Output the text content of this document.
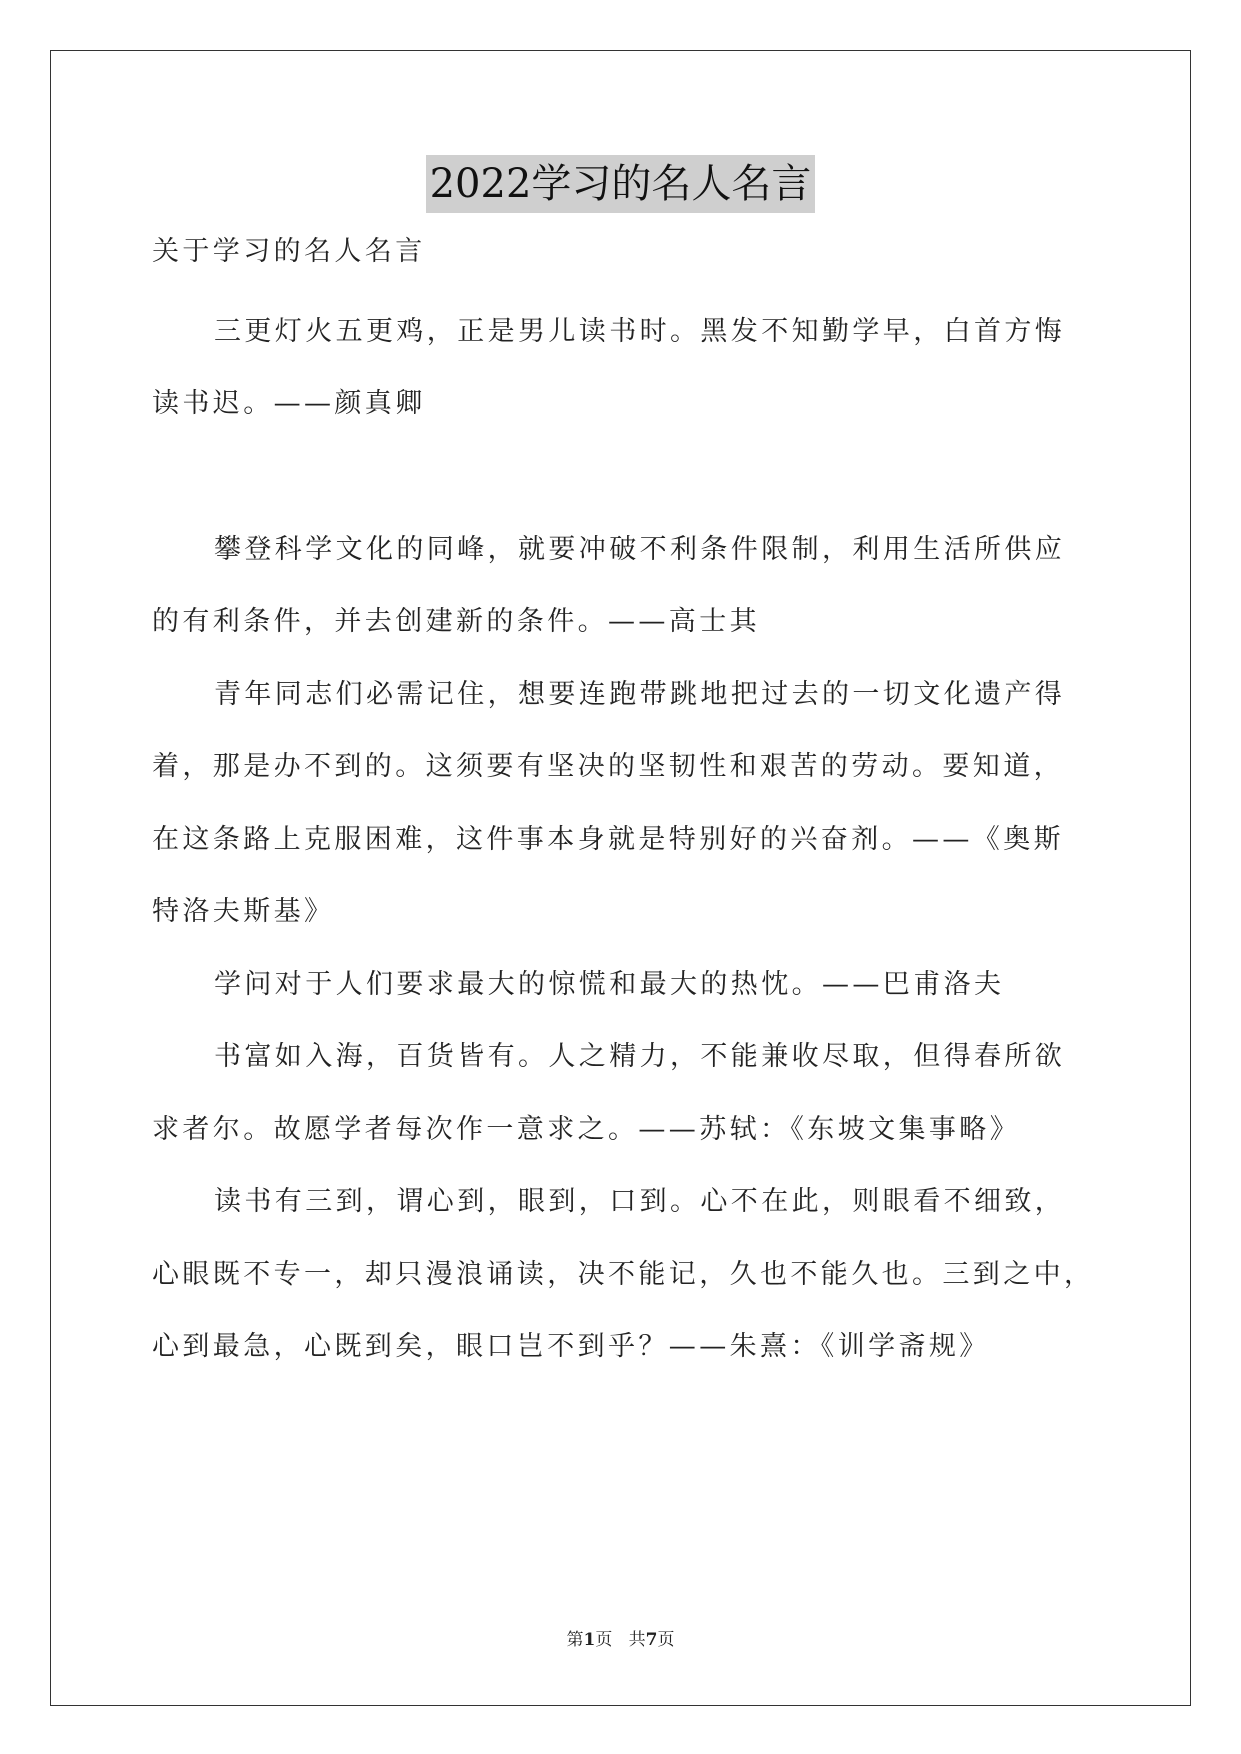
2022学习的名人名言
关于学习的名人名言
三更灯火五更鸡，正是男儿读书时。黑发不知勤学早，白首方悔
读书迟。——颜真卿
攀登科学文化的同峰，就要冲破不利条件限制，利用生活所供应
的有利条件，并去创建新的条件。——高士其
青年同志们必需记住，想要连跑带跳地把过去的一切文化遗产得
着，那是办不到的。这须要有坚决的坚韧性和艰苦的劳动。要知道，
在这条路上克服困难，这件事本身就是特别好的兴奋剂。——《奥斯
特洛夫斯基》
学问对于人们要求最大的惊慌和最大的热忱。——巴甫洛夫
书富如入海，百货皆有。人之精力，不能兼收尽取，但得春所欲
求者尔。故愿学者每次作一意求之。——苏轼：《东坡文集事略》
读书有三到，谓心到，眼到，口到。心不在此，则眼看不细致，
心眼既不专一，却只漫浪诵读，决不能记，久也不能久也。三到之中，
心到最急，心既到矣，眼口岂不到乎？——朱熹：《训学斋规》
第1页 共7页
